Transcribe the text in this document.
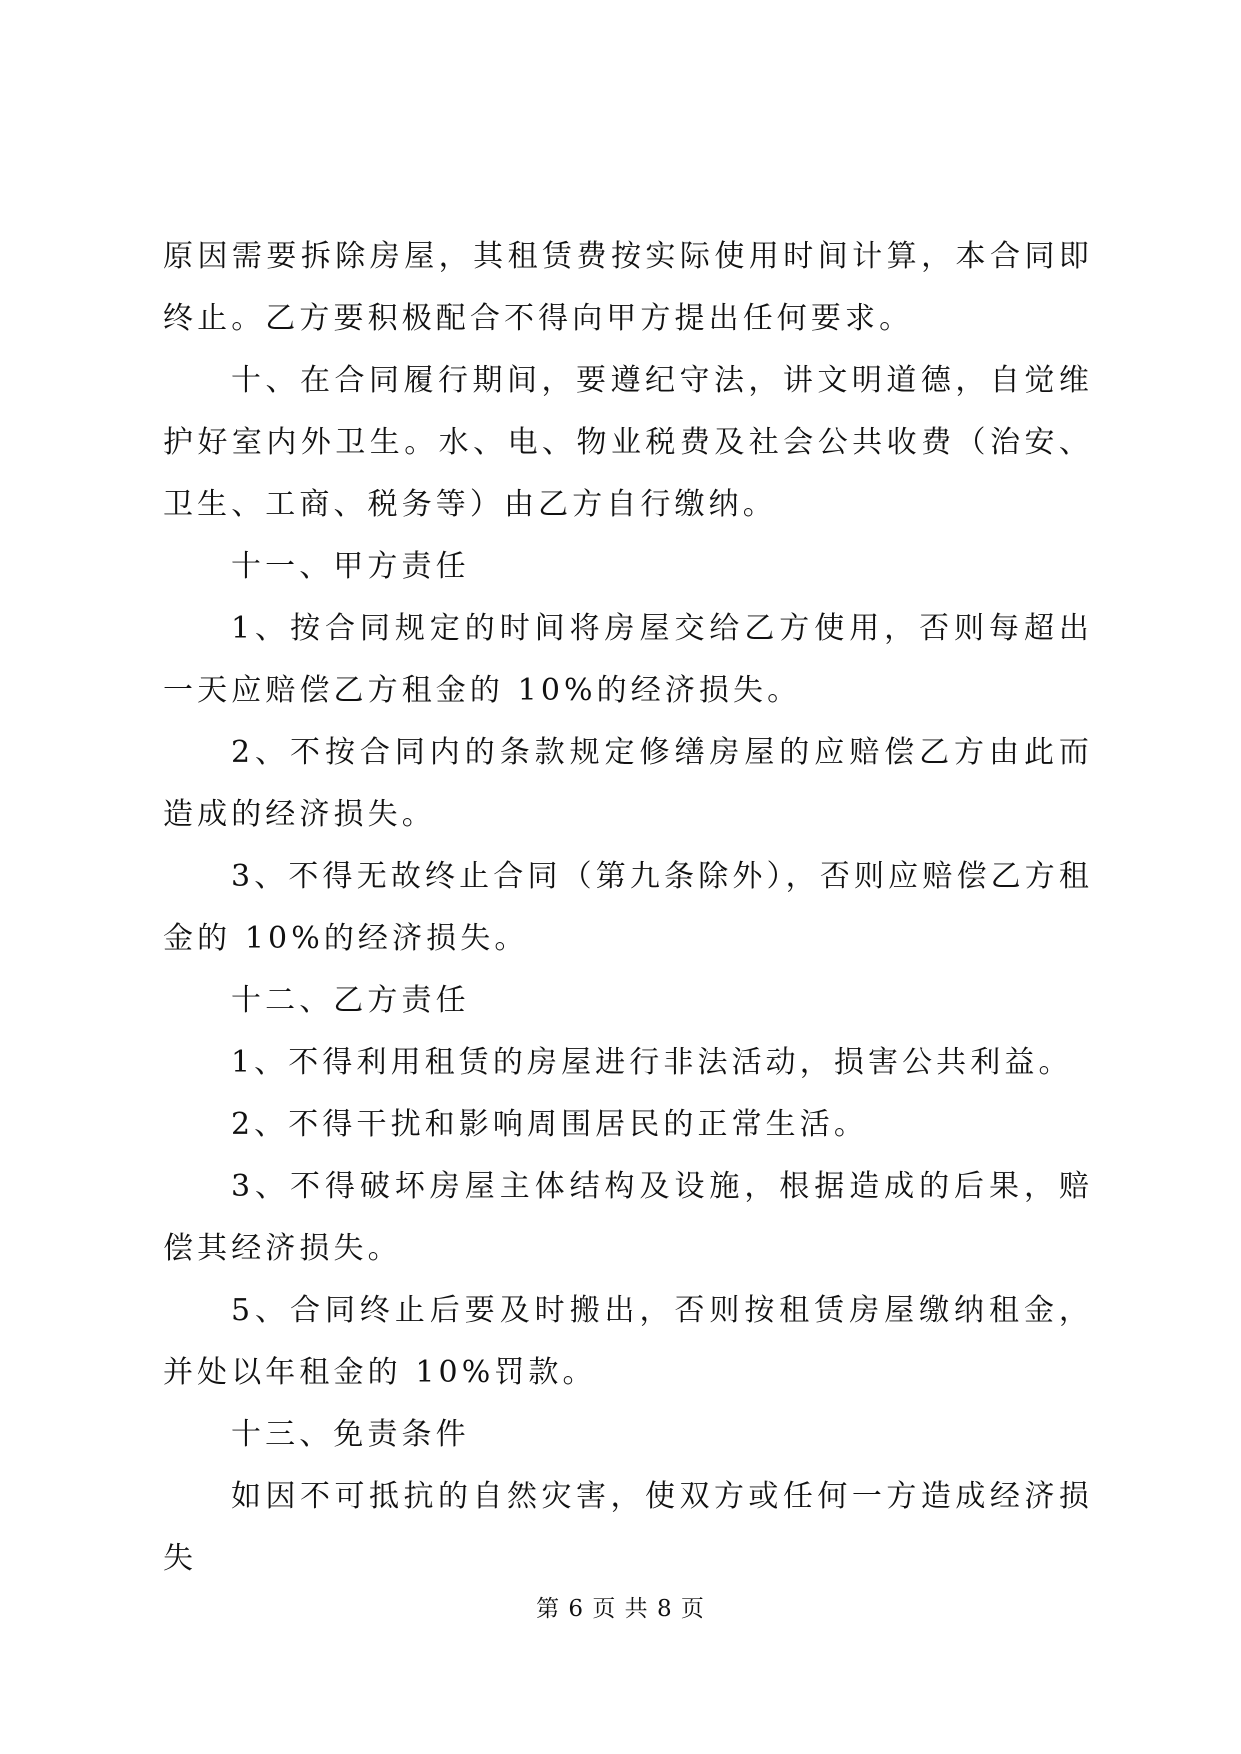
原因需要拆除房屋，其租赁费按实际使用时间计算，本合同即终止。乙方要积极配合不得向甲方提出任何要求。

十、在合同履行期间，要遵纪守法，讲文明道德，自觉维护好室内外卫生。水、电、物业税费及社会公共收费（治安、卫生、工商、税务等）由乙方自行缴纳。

十一、甲方责任

1、按合同规定的时间将房屋交给乙方使用，否则每超出一天应赔偿乙方租金的 10%的经济损失。

2、不按合同内的条款规定修缮房屋的应赔偿乙方由此而造成的经济损失。

3、不得无故终止合同（第九条除外），否则应赔偿乙方租金的 10%的经济损失。

十二、乙方责任

1、不得利用租赁的房屋进行非法活动，损害公共利益。

2、不得干扰和影响周围居民的正常生活。

3、不得破坏房屋主体结构及设施，根据造成的后果，赔偿其经济损失。

5、合同终止后要及时搬出，否则按租赁房屋缴纳租金，并处以年租金的 10%罚款。

十三、免责条件

如因不可抵抗的自然灾害，使双方或任何一方造成经济损失

第 6 页 共 8 页
